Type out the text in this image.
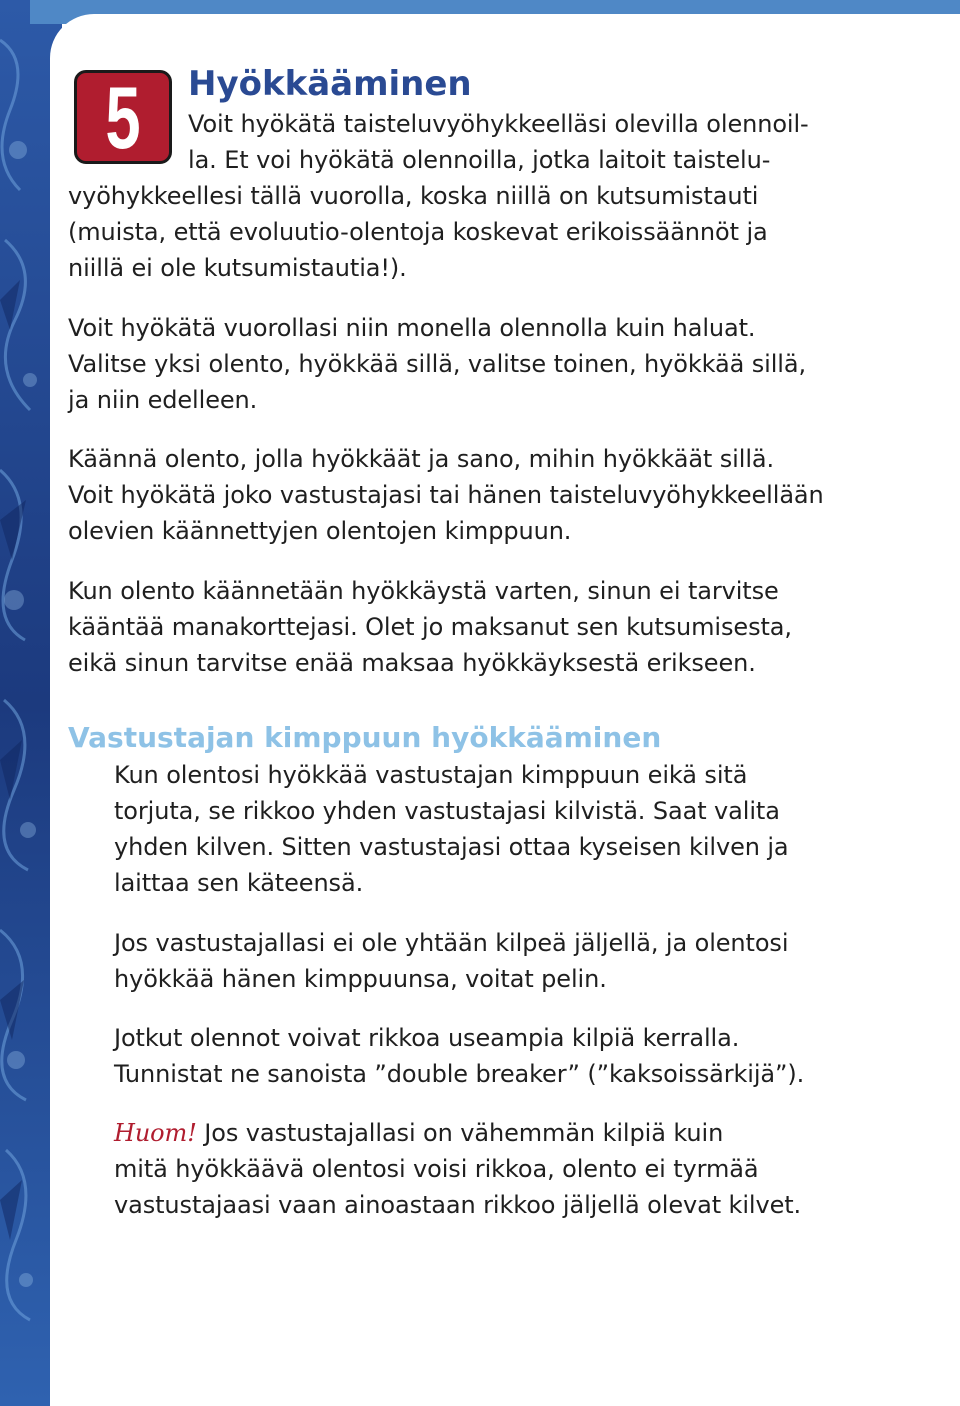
8
5	Hyökkääminen
Voit hyökätä taisteluvyöhykkeelläsi olevilla olennoil-
la. Et voi hyökätä olennoilla, jotka laitoit taistelu-
vyöhykkeellesi tällä vuorolla, koska niillä on kutsumistauti
(muista, että evoluutio-olentoja koskevat erikoissäännöt ja
niillä ei ole kutsumistautia!).
Voit hyökätä vuorollasi niin monella olennolla kuin haluat.
Valitse yksi olento, hyökkää sillä, valitse toinen, hyökkää sillä,
ja niin edelleen.
Käännä olento, jolla hyökkäät ja sano, mihin hyökkäät sillä.
Voit hyökätä joko vastustajasi tai hänen taisteluvyöhykkeellään
olevien käännettyjen olentojen kimppuun.
Kun olento käännetään hyökkäystä varten, sinun ei tarvitse
kääntää manakorttejasi. Olet jo maksanut sen kutsumisesta,
eikä sinun tarvitse enää maksaa hyökkäyksestä erikseen.
Vastustajan kimppuun hyökkääminen
Kun olentosi hyökkää vastustajan kimppuun eikä sitä
torjuta, se rikkoo yhden vastustajasi kilvistä. Saat valita
yhden kilven. Sitten vastustajasi ottaa kyseisen kilven ja
laittaa sen käteensä.
Jos vastustajallasi ei ole yhtään kilpeä jäljellä, ja olentosi
hyökkää hänen kimppuunsa, voitat pelin.
Jotkut olennot voivat rikkoa useampia kilpiä kerralla.
Tunnistat ne sanoista ”double breaker” (”kaksoissärkijä”).
Huom! Jos vastustajallasi on vähemmän kilpiä kuin
mitä hyökkäävä olentosi voisi rikkoa, olento ei tyrmää
vastustajaasi vaan ainoastaan rikkoo jäljellä olevat kilvet.
